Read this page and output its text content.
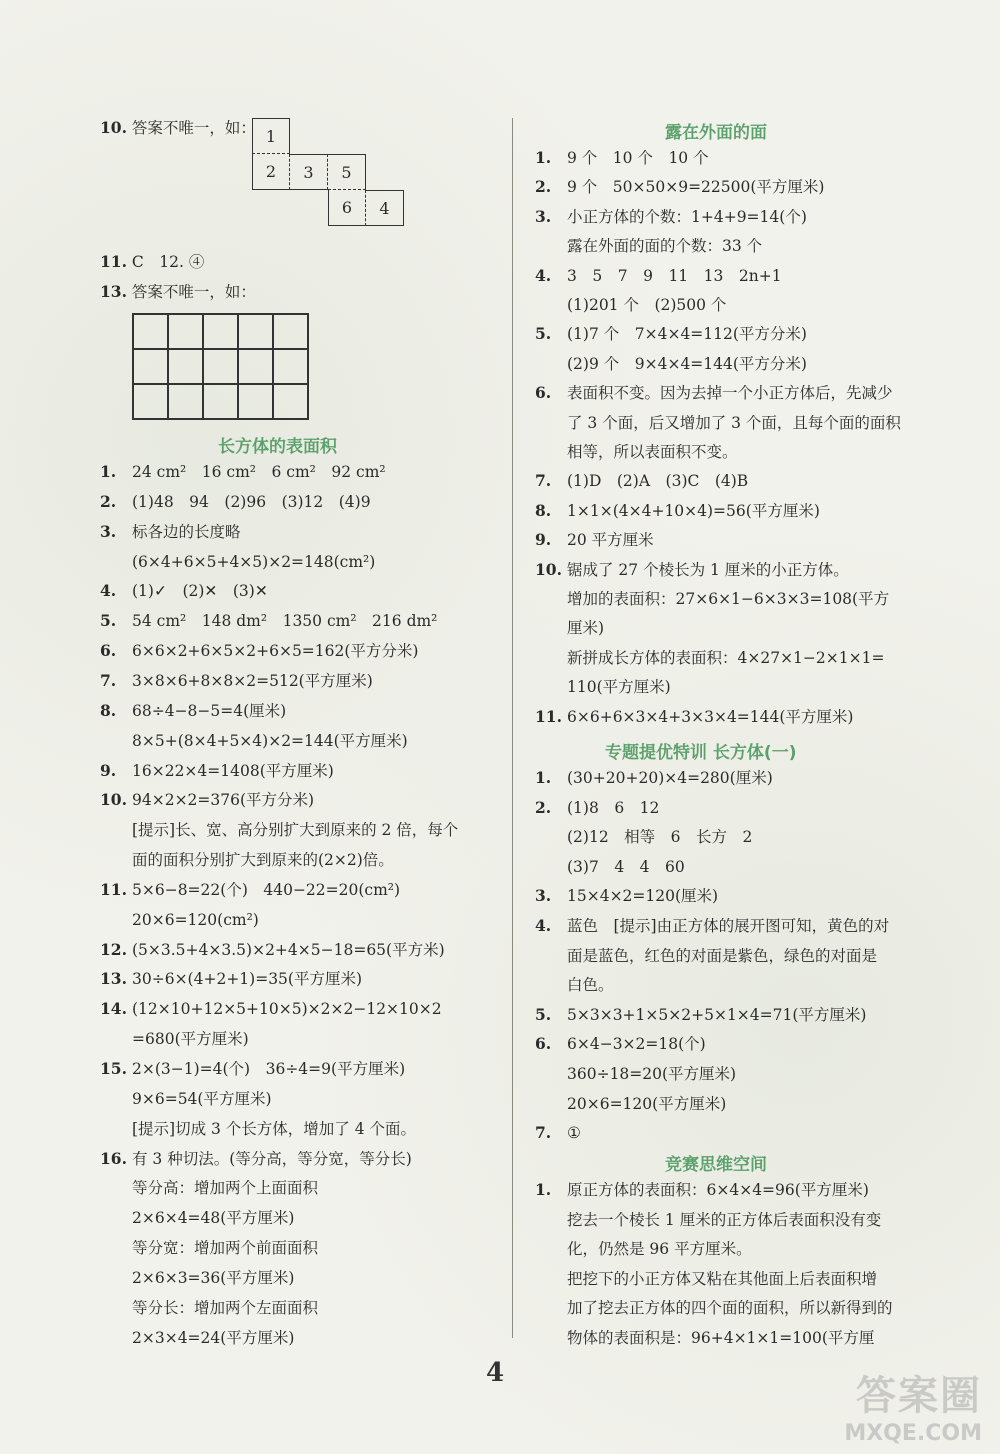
10. 答案不唯一，如： 1
2	3	5
6	4
11. C　12. ④
13. 答案不唯一，如：
长方体的表面积
1. 24 cm²　16 cm²　6 cm²　92 cm²
2. (1)48　94　(2)96　(3)12　(4)9
3. 标各边的长度略
(6×4+6×5+4×5)×2=148(cm²)
4. (1)✓　(2)✕　(3)✕
5. 54 cm²　148 dm²　1350 cm²　216 dm²
6. 6×6×2+6×5×2+6×5=162(平方分米)
7. 3×8×6+8×8×2=512(平方厘米)
8. 68÷4−8−5=4(厘米)
8×5+(8×4+5×4)×2=144(平方厘米)
9. 16×22×4=1408(平方厘米)
10. 94×2×2=376(平方分米)
[提示]长、宽、高分别扩大到原来的 2 倍，每个
面的面积分别扩大到原来的(2×2)倍。
11. 5×6−8=22(个)　440−22=20(cm²)
20×6=120(cm²)
12. (5×3.5+4×3.5)×2+4×5−18=65(平方米)
13. 30÷6×(4+2+1)=35(平方厘米)
14. (12×10+12×5+10×5)×2×2−12×10×2
=680(平方厘米)
15. 2×(3−1)=4(个)　36÷4=9(平方厘米)
9×6=54(平方厘米)
[提示]切成 3 个长方体，增加了 4 个面。
16. 有 3 种切法。(等分高，等分宽，等分长)
等分高：增加两个上面面积
2×6×4=48(平方厘米)
等分宽：增加两个前面面积
2×6×3=36(平方厘米)
等分长：增加两个左面面积
2×3×4=24(平方厘米)
露在外面的面
1. 9 个　10 个　10 个
2. 9 个　50×50×9=22500(平方厘米)
3. 小正方体的个数：1+4+9=14(个)
露在外面的面的个数：33 个
4. 3　5　7　9　11　13　2n+1
(1)201 个　(2)500 个
5. (1)7 个　7×4×4=112(平方分米)
(2)9 个　9×4×4=144(平方分米)
6. 表面积不变。因为去掉一个小正方体后，先减少
了 3 个面，后又增加了 3 个面，且每个面的面积
相等，所以表面积不变。
7. (1)D　(2)A　(3)C　(4)B
8. 1×1×(4×4+10×4)=56(平方厘米)
9. 20 平方厘米
10. 锯成了 27 个棱长为 1 厘米的小正方体。
增加的表面积：27×6×1−6×3×3=108(平方
厘米)
新拼成长方体的表面积：4×27×1−2×1×1=
110(平方厘米)
11. 6×6+6×3×4+3×3×4=144(平方厘米)
专题提优特训 长方体(一)
1. (30+20+20)×4=280(厘米)
2. (1)8　6　12
(2)12　相等　6　长方　2
(3)7　4　4　60
3. 15×4×2=120(厘米)
4. 蓝色　[提示]由正方体的展开图可知，黄色的对
面是蓝色，红色的对面是紫色，绿色的对面是
白色。
5. 5×3×3+1×5×2+5×1×4=71(平方厘米)
6. 6×4−3×2=18(个)
360÷18=20(平方厘米)
20×6=120(平方厘米)
7. ①
竞赛思维空间
1. 原正方体的表面积：6×4×4=96(平方厘米)
挖去一个棱长 1 厘米的正方体后表面积没有变
化，仍然是 96 平方厘米。
把挖下的小正方体又粘在其他面上后表面积增
加了挖去正方体的四个面的面积，所以新得到的
物体的表面积是：96+4×1×1=100(平方厘
4	答案圈
MXQE.COM
